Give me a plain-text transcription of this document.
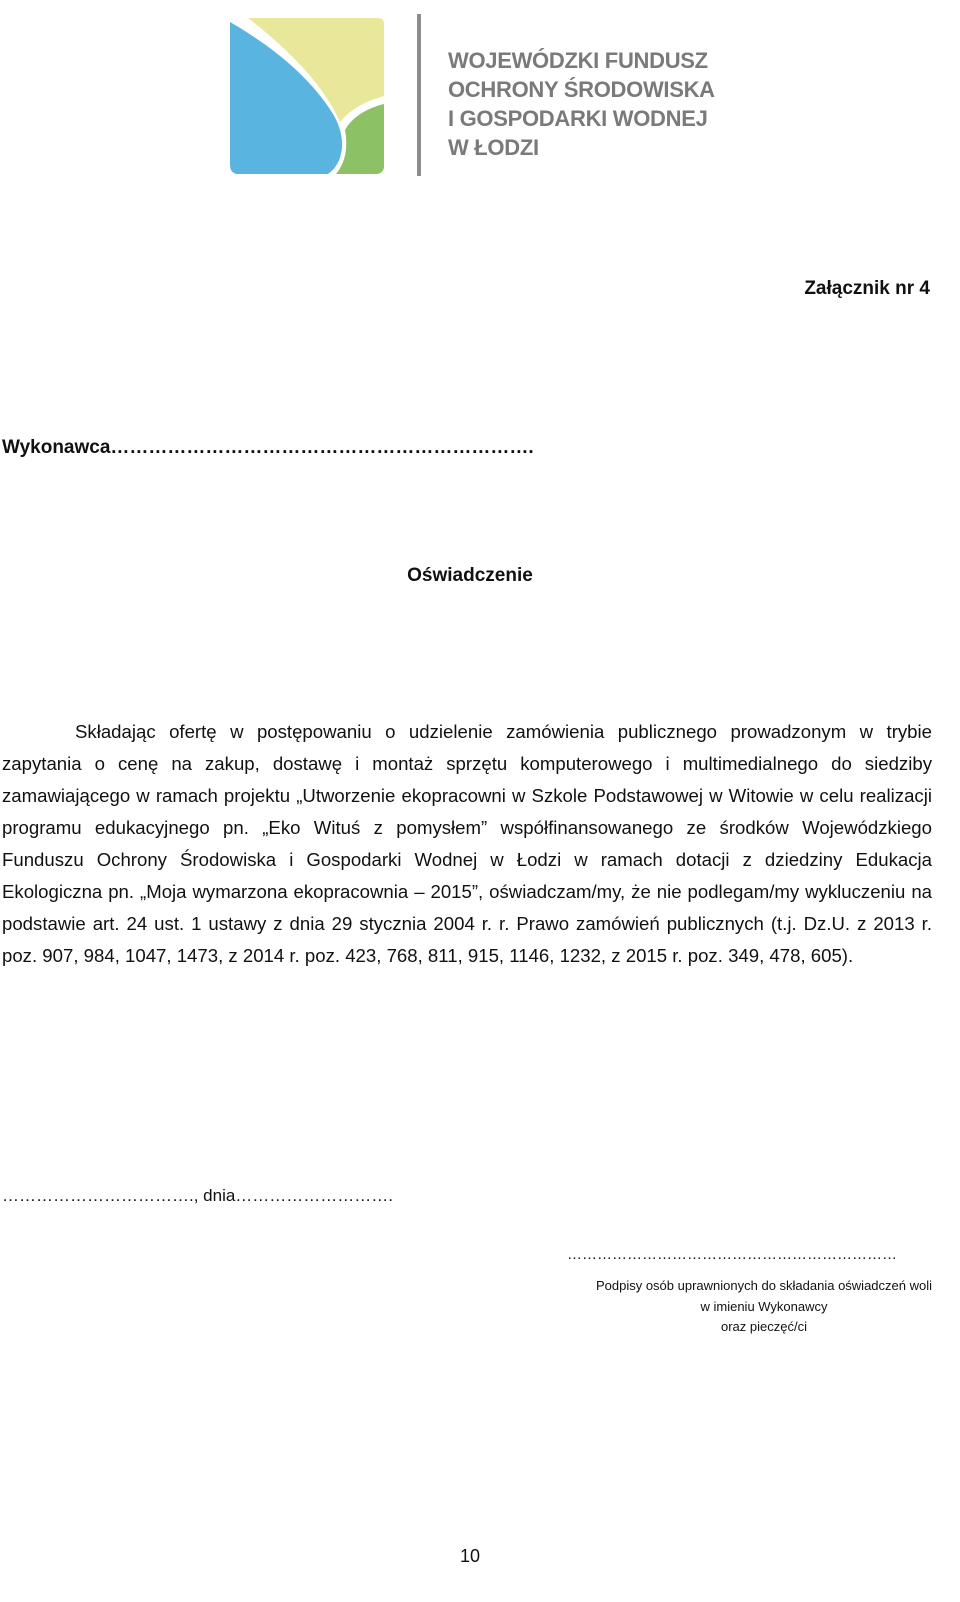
WOJEWÓDZKI FUNDUSZ
OCHRONY ŚRODOWISKA
I GOSPODARKI WODNEJ
W ŁODZI
Załącznik nr 4
Wykonawca………………………………………………………….
Oświadczenie

Składając ofertę w postępowaniu o udzielenie zamówienia publicznego prowadzonym w trybie zapytania o cenę na zakup, dostawę i montaż sprzętu komputerowego i multimedialnego do siedziby zamawiającego w ramach projektu „Utworzenie ekopracowni w Szkole Podstawowej w Witowie w celu realizacji programu edukacyjnego pn. „Eko Wituś z pomysłem” współfinansowanego ze środków Wojewódzkiego Funduszu Ochrony Środowiska i Gospodarki Wodnej w Łodzi w ramach dotacji z dziedziny Edukacja Ekologiczna pn. „Moja wymarzona ekopracownia – 2015”, oświadczam/my, że nie podlegam/my wykluczeniu na podstawie art. 24 ust. 1 ustawy z dnia 29 stycznia 2004 r. r. Prawo zamówień publicznych (t.j. Dz.U. z 2013 r. poz. 907, 984, 1047, 1473, z 2014 r. poz. 423, 768, 811, 915, 1146, 1232, z 2015 r. poz. 349, 478, 605).

……………………………., dnia……………………….
…………………………………………………………
Podpisy osób uprawnionych do składania oświadczeń woli
w imieniu Wykonawcy
oraz pieczęć/ci
10
